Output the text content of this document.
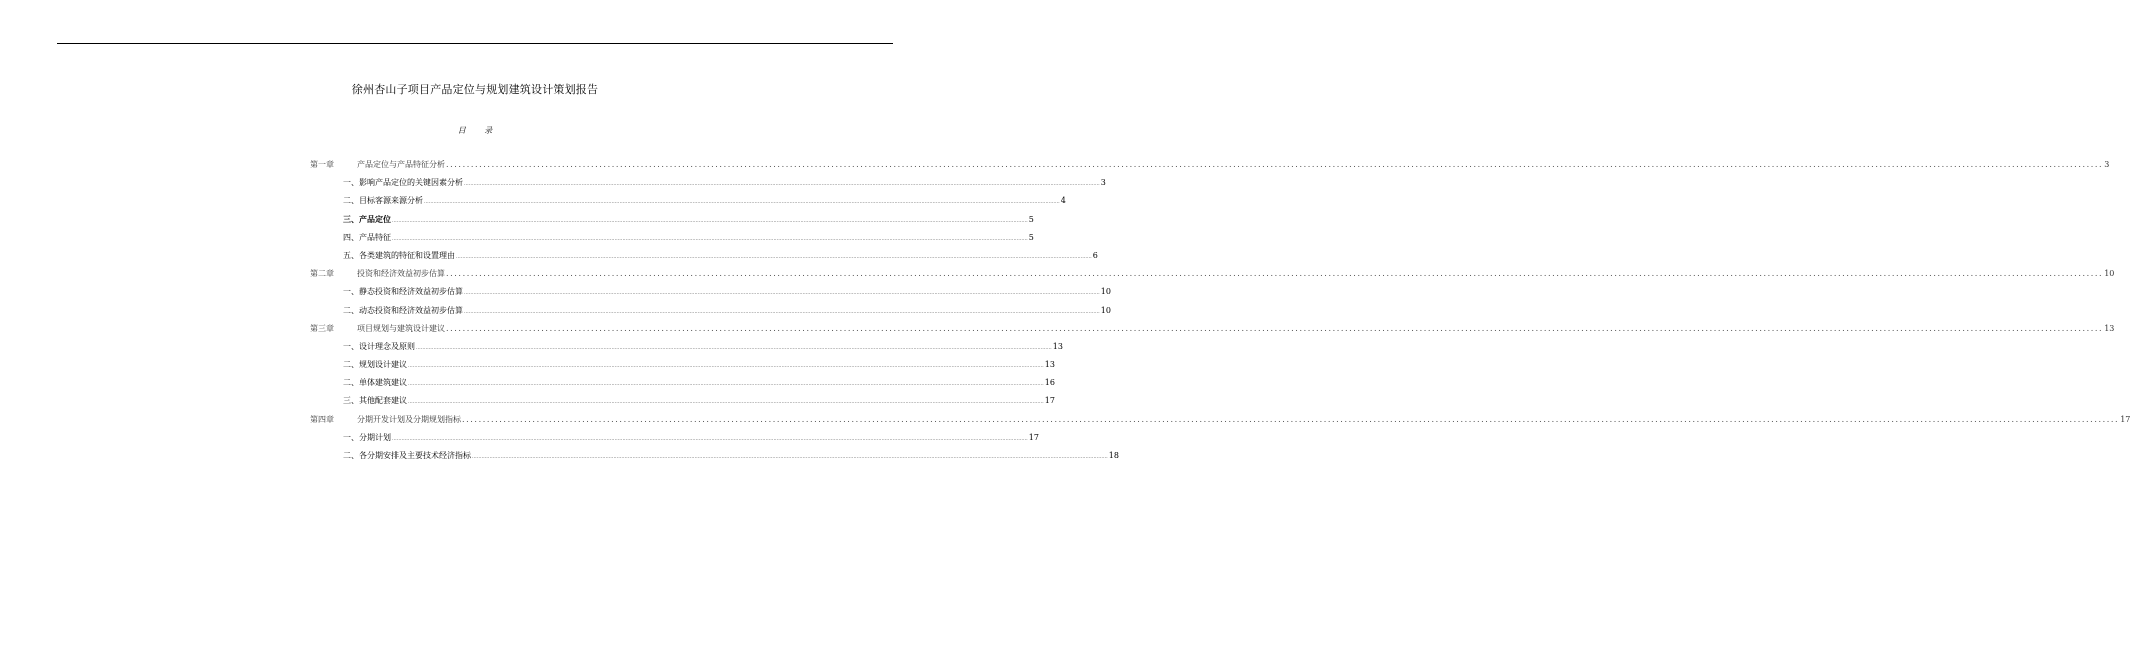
徐州杏山子项目产品定位与规划建筑设计策划报告
目 录
第一章	产品定位与产品特征分析 ................................................................................................................................................................................................................................................................................................................................................................................................................ 3
一、影响产品定位的关键因素分析 ................................................................................................................................................................................................................................................................................................................................................................................................................ 3
二、目标客源来源分析 ................................................................................................................................................................................................................................................................................................................................................................................................................ 4
三、产品定位 ................................................................................................................................................................................................................................................................................................................................................................................................................ 5
四、产品特征 ................................................................................................................................................................................................................................................................................................................................................................................................................ 5
五、各类建筑的特征和设置理由 ................................................................................................................................................................................................................................................................................................................................................................................................................ 6
第二章	投资和经济效益初步估算 ................................................................................................................................................................................................................................................................................................................................................................................................................ 10
一、静态投资和经济效益初步估算 ................................................................................................................................................................................................................................................................................................................................................................................................................ 10
二、动态投资和经济效益初步估算 ................................................................................................................................................................................................................................................................................................................................................................................................................ 10
第三章	项目规划与建筑设计建议 ................................................................................................................................................................................................................................................................................................................................................................................................................ 13
一、设计理念及原则 ................................................................................................................................................................................................................................................................................................................................................................................................................ 13
二、规划设计建议 ................................................................................................................................................................................................................................................................................................................................................................................................................ 13
二、单体建筑建议 ................................................................................................................................................................................................................................................................................................................................................................................................................ 16
三、其他配套建议 ................................................................................................................................................................................................................................................................................................................................................................................................................ 17
第四章	分期开发计划及分期规划指标 ................................................................................................................................................................................................................................................................................................................................................................................................................ 17
一、分期计划 ................................................................................................................................................................................................................................................................................................................................................................................................................ 17
二、各分期安排及主要技术经济指标 ................................................................................................................................................................................................................................................................................................................................................................................................................ 18
